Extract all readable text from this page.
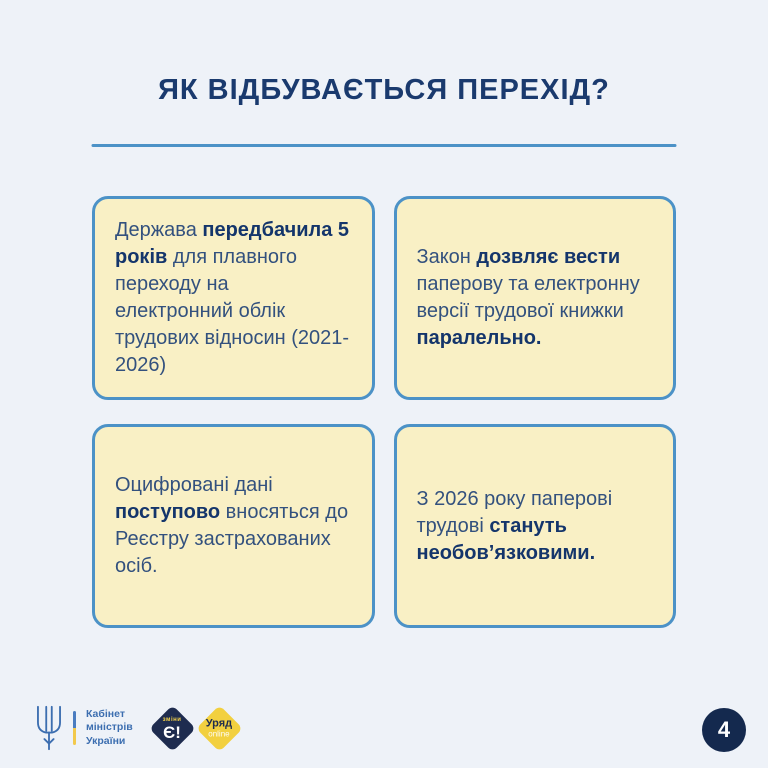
ЯК ВІДБУВАЄТЬСЯ ПЕРЕХІД?

Держава передбачила 5 років для плавного переходу на електронний облік трудових відносин (2021-2026)

Закон дозвляє вести паперову та електронну версії трудової книжки паралельно.

Оцифровані дані поступово вносяться до Реєстру застрахованих осіб.

З 2026 року паперові трудові стануть необов’язковими.

Кабінет
міністрів
України
зміни
Є! Уряд
online	4
